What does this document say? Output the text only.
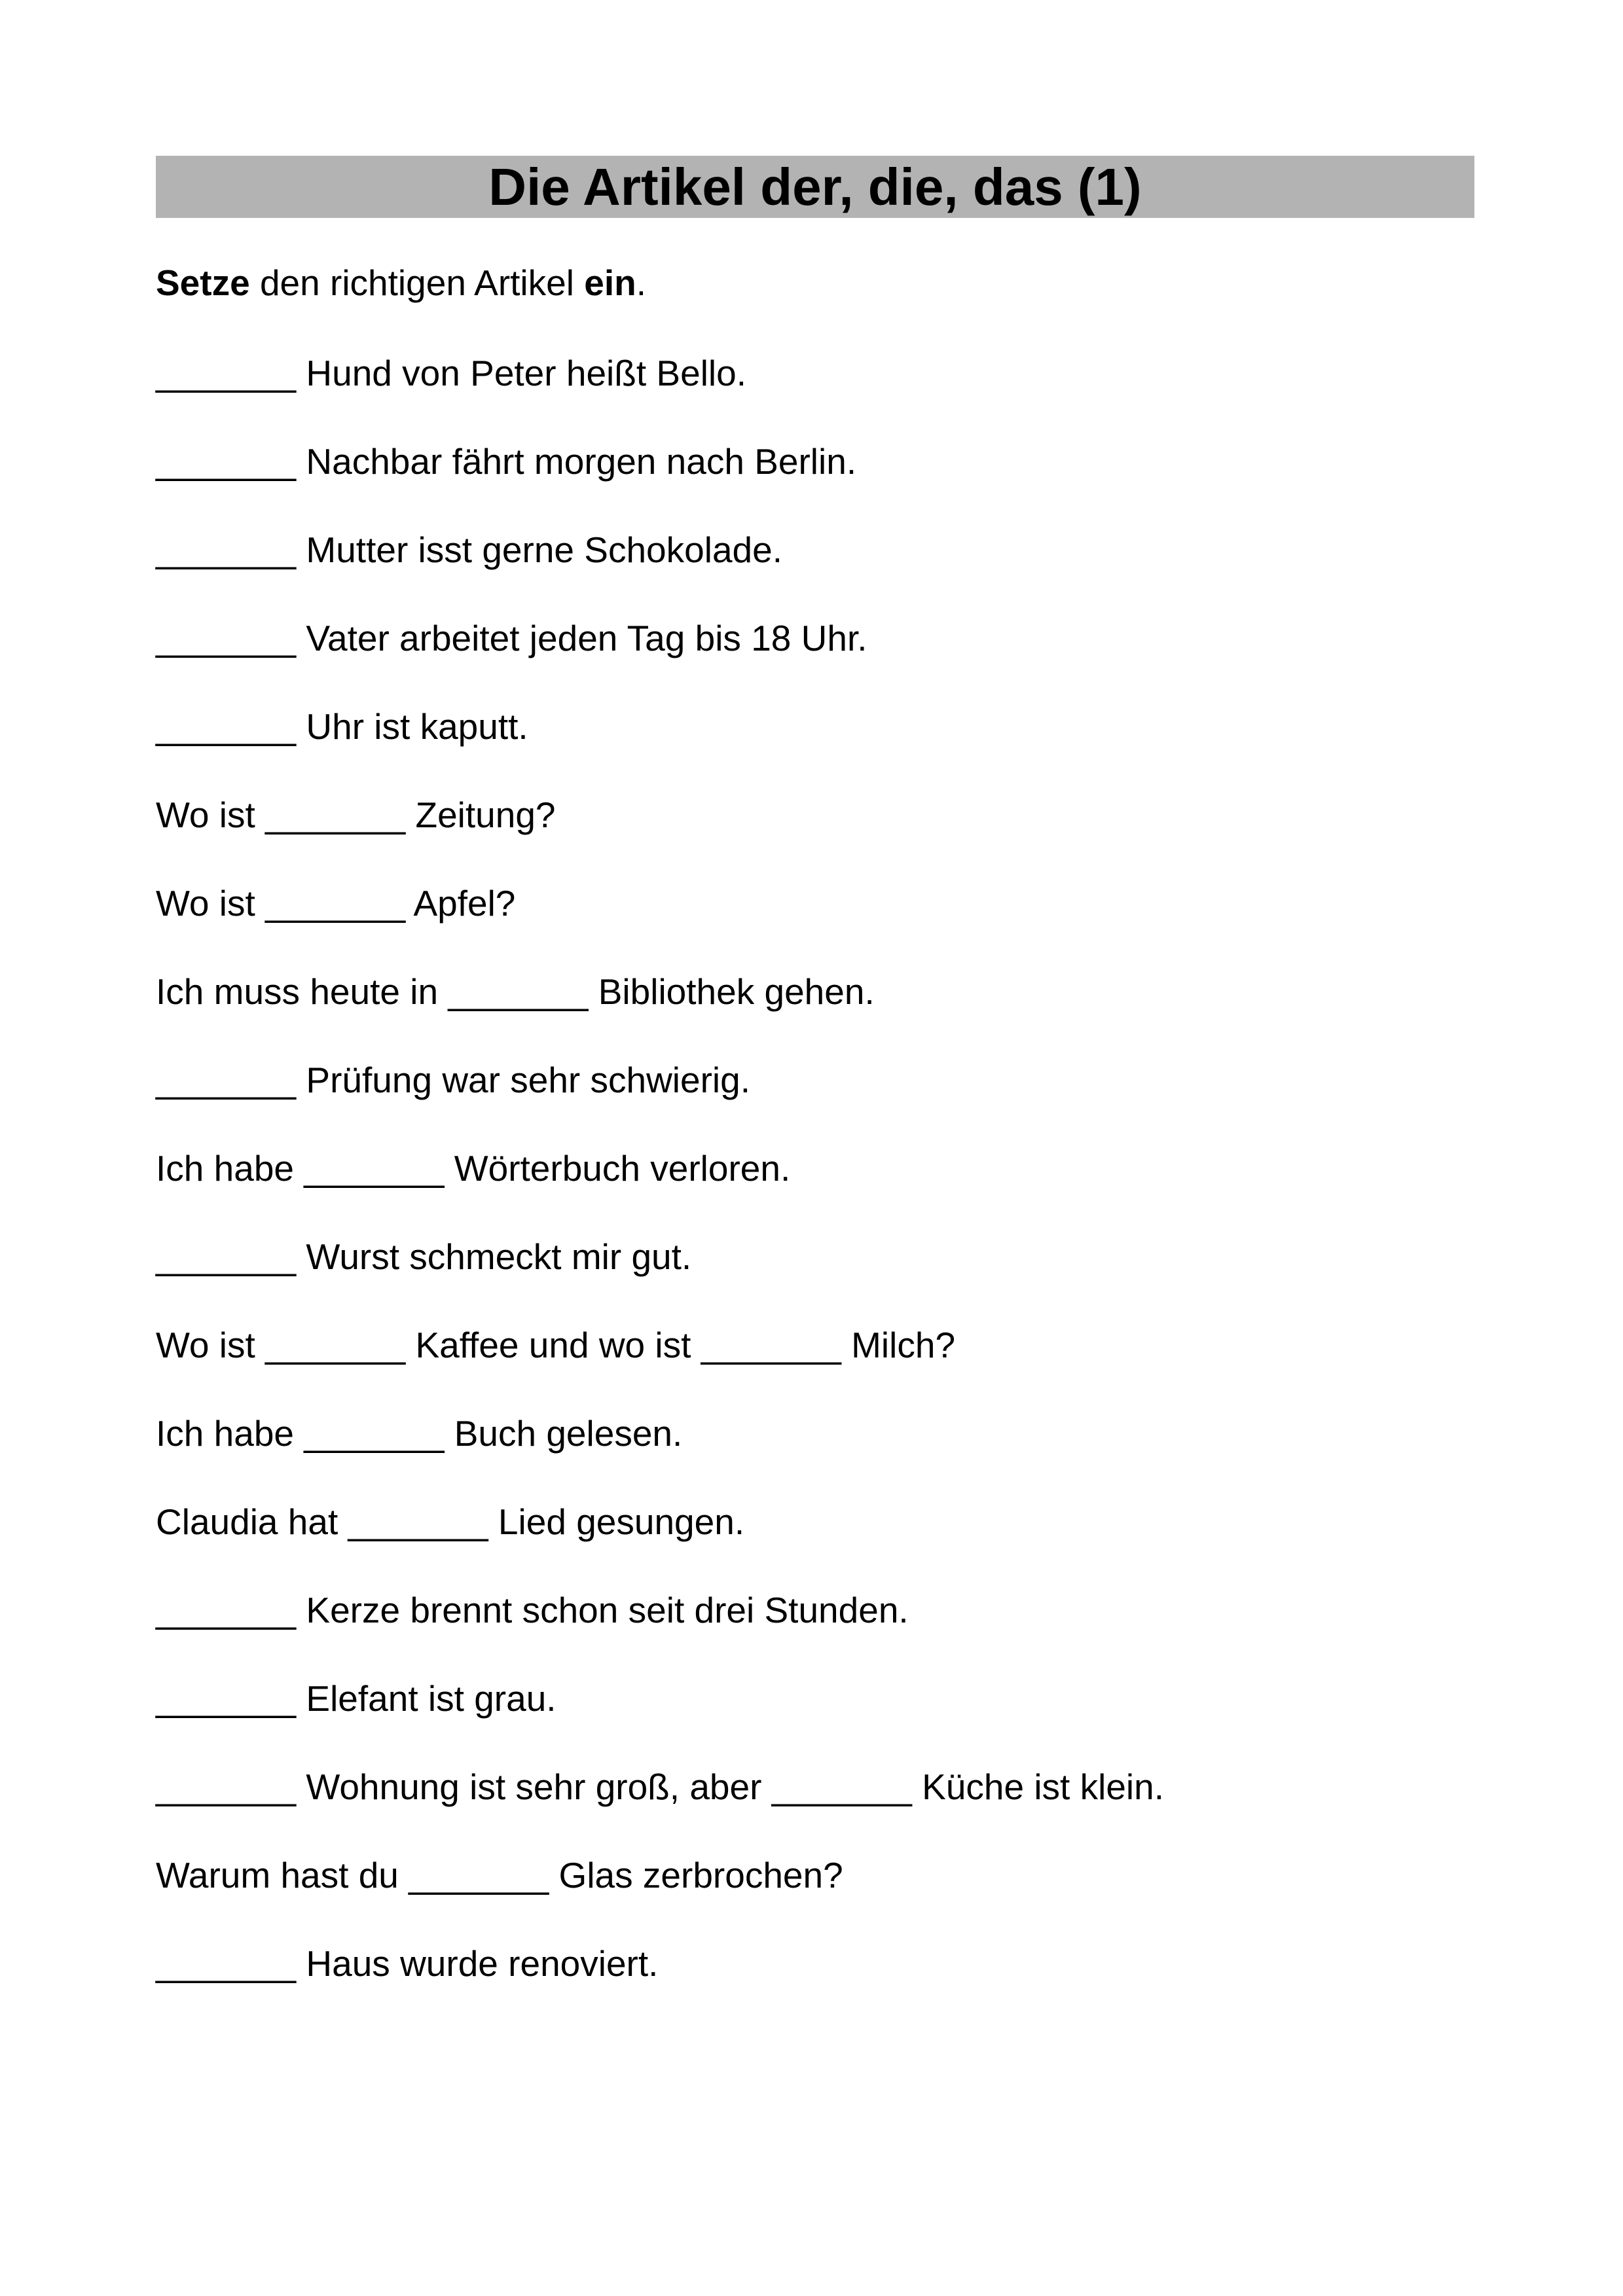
Die Artikel der, die, das (1)
Setze den richtigen Artikel ein.
_______ Hund von Peter heißt Bello.
_______ Nachbar fährt morgen nach Berlin.
_______ Mutter isst gerne Schokolade.
_______ Vater arbeitet jeden Tag bis 18 Uhr.
_______ Uhr ist kaputt.
Wo ist _______ Zeitung?
Wo ist _______ Apfel?
Ich muss heute in _______ Bibliothek gehen.
_______ Prüfung war sehr schwierig.
Ich habe _______ Wörterbuch verloren.
_______ Wurst schmeckt mir gut.
Wo ist _______ Kaffee und wo ist _______ Milch?
Ich habe _______ Buch gelesen.
Claudia hat _______ Lied gesungen.
_______ Kerze brennt schon seit drei Stunden.
_______ Elefant ist grau.
_______ Wohnung ist sehr groß, aber _______ Küche ist klein.
Warum hast du _______ Glas zerbrochen?
_______ Haus wurde renoviert.
